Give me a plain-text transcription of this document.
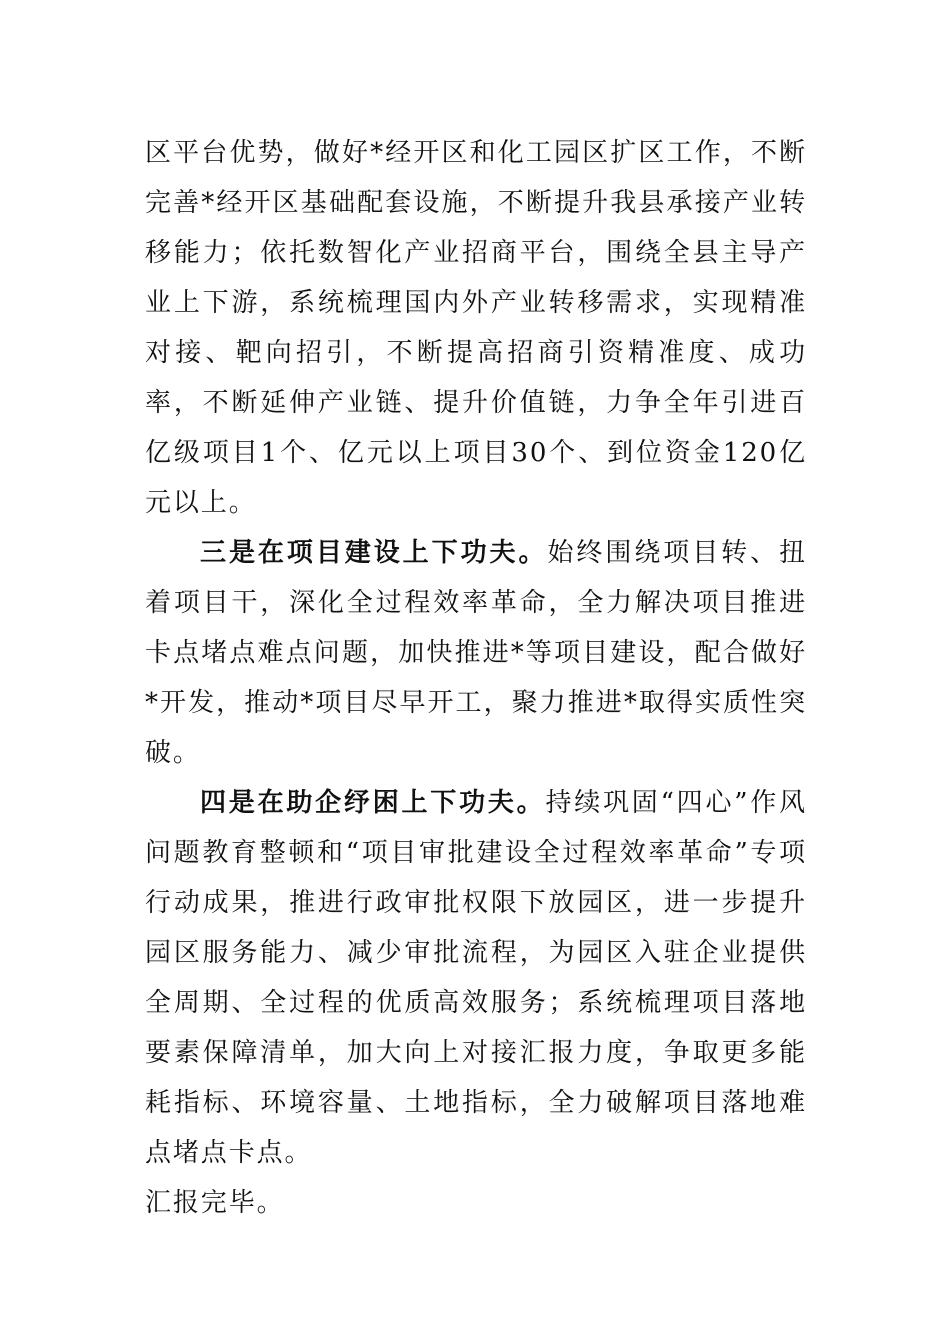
区平台优势，做好*经开区和化工园区扩区工作，不断完善*经开区基础配套设施，不断提升我县承接产业转移能力；依托数智化产业招商平台，围绕全县主导产业上下游，系统梳理国内外产业转移需求，实现精准对接、靶向招引，不断提高招商引资精准度、成功率，不断延伸产业链、提升价值链，力争全年引进百亿级项目1个、亿元以上项目30个、到位资金120亿元以上。

三是在项目建设上下功夫。始终围绕项目转、扭着项目干，深化全过程效率革命，全力解决项目推进卡点堵点难点问题，加快推进*等项目建设，配合做好*开发，推动*项目尽早开工，聚力推进*取得实质性突破。

四是在助企纾困上下功夫。持续巩固“四心”作风问题教育整顿和“项目审批建设全过程效率革命”专项行动成果，推进行政审批权限下放园区，进一步提升园区服务能力、减少审批流程，为园区入驻企业提供全周期、全过程的优质高效服务；系统梳理项目落地要素保障清单，加大向上对接汇报力度，争取更多能耗指标、环境容量、土地指标，全力破解项目落地难点堵点卡点。

汇报完毕。
